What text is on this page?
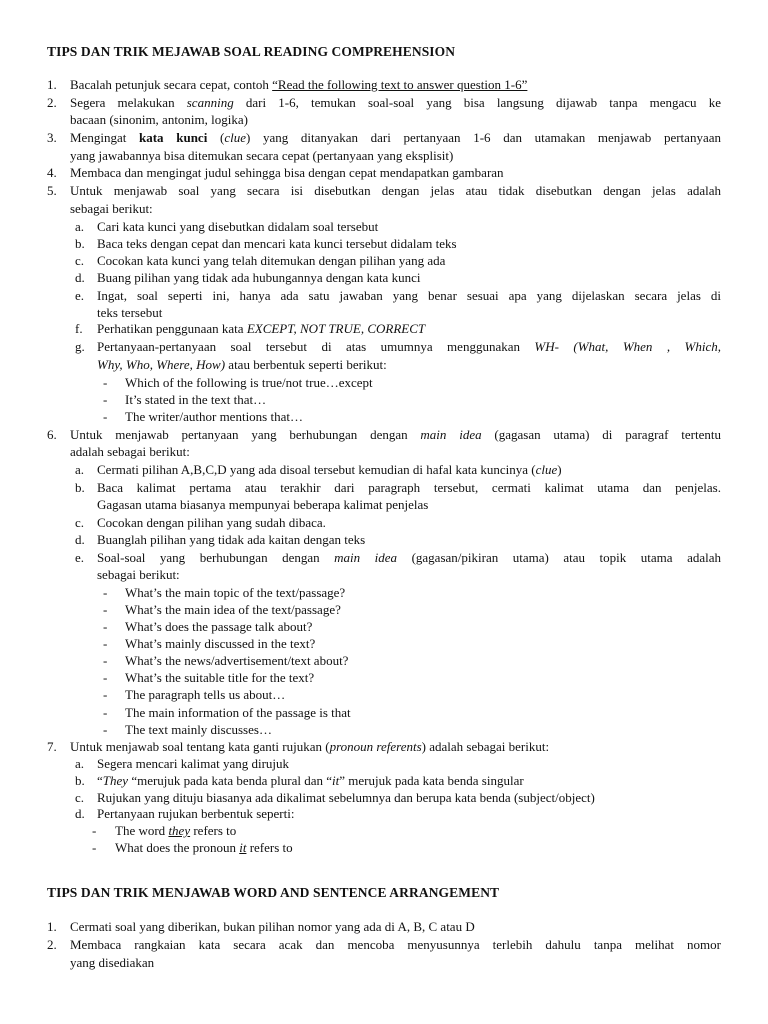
TIPS DAN TRIK MEJAWAB SOAL READING COMPREHENSION
1. Bacalah petunjuk secara cepat, contoh “Read the following text to answer question 1-6”
2. Segera melakukan scanning dari 1-6, temukan soal-soal yang bisa langsung dijawab tanpa mengacu ke
bacaan (sinonim, antonim, logika)
3. Mengingat kata kunci (clue) yang ditanyakan dari pertanyaan 1-6 dan utamakan menjawab pertanyaan
yang jawabannya bisa ditemukan secara cepat (pertanyaan yang eksplisit)
4. Membaca dan mengingat judul sehingga bisa dengan cepat mendapatkan gambaran
5. Untuk menjawab soal yang secara isi disebutkan dengan jelas atau tidak disebutkan dengan jelas adalah
sebagai berikut:
a. Cari kata kunci yang disebutkan didalam soal tersebut
b. Baca teks dengan cepat dan mencari kata kunci tersebut didalam teks
c. Cocokan kata kunci yang telah ditemukan dengan pilihan yang ada
d. Buang pilihan yang tidak ada hubungannya dengan kata kunci
e. Ingat, soal seperti ini, hanya ada satu jawaban yang benar sesuai apa yang dijelaskan secara jelas di
teks tersebut
f. Perhatikan penggunaan kata EXCEPT, NOT TRUE, CORRECT
g. Pertanyaan-pertanyaan soal tersebut di atas umumnya menggunakan WH- (What, When , Which,
Why, Who, Where, How) atau berbentuk seperti berikut:
- Which of the following is true/not true…except
- It’s stated in the text that…
- The writer/author mentions that…
6. Untuk menjawab pertanyaan yang berhubungan dengan main idea (gagasan utama) di paragraf tertentu
adalah sebagai berikut:
a. Cermati pilihan A,B,C,D yang ada disoal tersebut kemudian di hafal kata kuncinya (clue)
b. Baca kalimat pertama atau terakhir dari paragraph tersebut, cermati kalimat utama dan penjelas.
Gagasan utama biasanya mempunyai beberapa kalimat penjelas
c. Cocokan dengan pilihan yang sudah dibaca.
d. Buanglah pilihan yang tidak ada kaitan dengan teks
e. Soal-soal yang berhubungan dengan main idea (gagasan/pikiran utama) atau topik utama adalah
sebagai berikut:
- What’s the main topic of the text/passage?
- What’s the main idea of the text/passage?
- What’s does the passage talk about?
- What’s mainly discussed in the text?
- What’s the news/advertisement/text about?
- What’s the suitable title for the text?
- The paragraph tells us about…
- The main information of the passage is that
- The text mainly discusses…
7. Untuk menjawab soal tentang kata ganti rujukan (pronoun referents) adalah sebagai berikut:
a. Segera mencari kalimat yang dirujuk
b. “They “merujuk pada kata benda plural dan “it” merujuk pada kata benda singular
c. Rujukan yang dituju biasanya ada dikalimat sebelumnya dan berupa kata benda (subject/object)
d. Pertanyaan rujukan berbentuk seperti:
- The word they refers to
- What does the pronoun it refers to
TIPS DAN TRIK MENJAWAB WORD AND SENTENCE ARRANGEMENT
1. Cermati soal yang diberikan, bukan pilihan nomor yang ada di A, B, C atau D
2. Membaca rangkaian kata secara acak dan mencoba menyusunnya terlebih dahulu tanpa melihat nomor
yang disediakan
